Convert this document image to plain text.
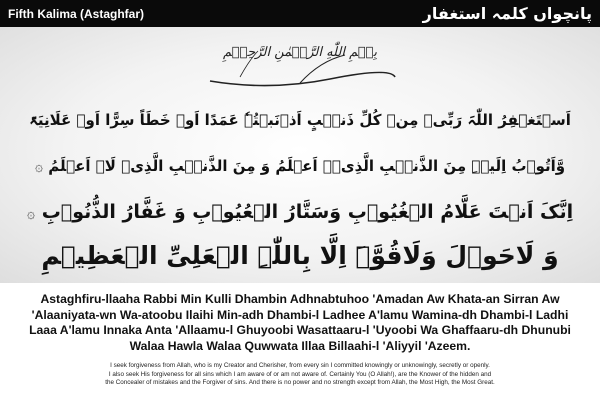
Fifth Kalima (Astaghfar)	پانچواں کلمہ استغفار
بِسۡمِ اللّٰهِ الرَّحۡمٰنِ الرَّحِيۡمِ
اَسۡتَغۡفِرُ اللّٰہَ رَبِّیۡ مِنۡ کُلِّ ذَنۡۢبٍ اَذۡنَبۡتُہٗ عَمَدًا اَوۡ خَطَاً سِرًّا اَوۡ عَلَانِیَۃً
وَّاَتُوۡبُ اِلَیۡہِ مِنَ الذَّنۡۢبِ الَّذِیۡۤ اَعۡلَمُ وَ مِنَ الذَّنۡۢبِ الَّذِیۡ لَاۤ اَعۡلَمُ ۞
اِنَّکَ اَنۡتَ عَلَّامُ الۡغُیُوۡبِ وَسَتَّارُ الۡعُیُوۡبِ وَ غَفَّارُ الذُّنُوۡبِ ۞
وَ لَاحَوۡلَ وَلَاقُوَّۃَ اِلَّا بِاللّٰہِ الۡعَلِیِّ الۡعَظِیۡمِ
Astaghfiru-llaaha Rabbi Min Kulli Dhambin Adhnabtuhoo 'Amadan Aw Khata-an Sirran Aw
'Alaaniyata-wn Wa-atoobu Ilaihi Min-adh Dhambi-l Ladhee A'lamu Wamina-dh Dhambi-l Ladhi
Laaa A'lamu Innaka Anta 'Allaamu-l Ghuyoobi Wasattaaru-l 'Uyoobi Wa Ghaffaaru-dh Dhunubi
Walaa Hawla Walaa Quwwata Illaa Billaahi-l 'Aliyyil 'Azeem.
I seek forgiveness from Allah, who is my Creator and Cherisher, from every sin I committed knowingly or unknowingly, secretly or openly.
I also seek His forgiveness for all sins which I am aware of or am not aware of. Certainly You (O Allah!), are the Knower of the hidden and
the Concealer of mistakes and the Forgiver of sins. And there is no power and no strength except from Allah, the Most High, the Most Great.
